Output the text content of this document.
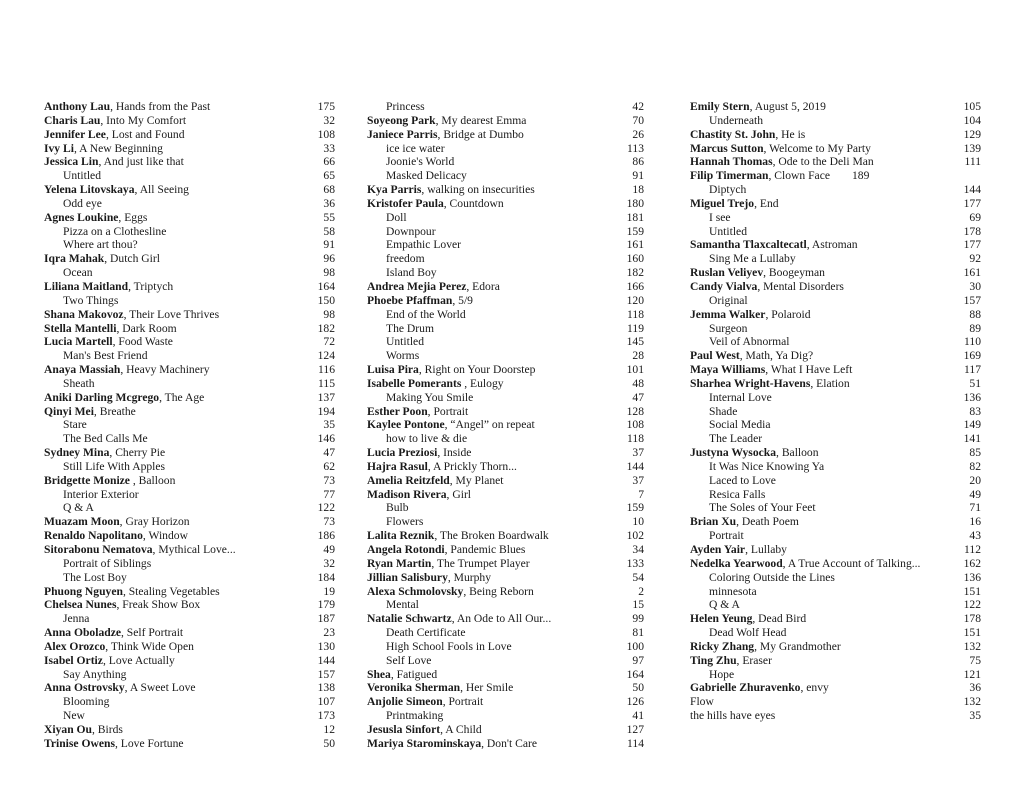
Anthony Lau, Hands from the Past	175
Charis Lau, Into My Comfort	32
Jennifer Lee, Lost and Found	108
Ivy Li, A New Beginning	33
Jessica Lin, And just like that	66
Untitled	65
Yelena Litovskaya, All Seeing	68
Odd eye	36
Agnes Loukine, Eggs	55
Pizza on a Clothesline	58
Where art thou?	91
Iqra Mahak, Dutch Girl	96
Ocean	98
Liliana Maitland, Triptych	164
Two Things	150
Shana Makovoz, Their Love Thrives	98
Stella Mantelli, Dark Room	182
Lucia Martell, Food Waste	72
Man's Best Friend	124
Anaya Massiah, Heavy Machinery	116
Sheath	115
Aniki Darling Mcgrego, The Age	137
Qinyi Mei, Breathe	194
Stare	35
The Bed Calls Me	146
Sydney Mina, Cherry Pie	47
Still Life With Apples	62
Bridgette Monize , Balloon	73
Interior Exterior	77
Q & A	122
Muazam Moon, Gray Horizon	73
Renaldo Napolitano, Window	186
Sitorabonu Nematova, Mythical Love...	49
Portrait of Siblings	32
The Lost Boy	184
Phuong Nguyen, Stealing Vegetables	19
Chelsea Nunes, Freak Show Box	179
Jenna	187
Anna Oboladze, Self Portrait	23
Alex Orozco, Think Wide Open	130
Isabel Ortiz, Love Actually	144
Say Anything	157
Anna Ostrovsky, A Sweet Love	138
Blooming	107
New	173
Xiyan Ou, Birds	12
Trinise Owens, Love Fortune	50
Princess	42
Soyeong Park, My dearest Emma	70
Janiece Parris, Bridge at Dumbo	26
ice ice water	113
Joonie's World	86
Masked Delicacy	91
Kya Parris, walking on insecurities	18
Kristofer Paula, Countdown	180
Doll	181
Downpour	159
Empathic Lover	161
freedom	160
Island Boy	182
Andrea Mejia Perez, Edora	166
Phoebe Pfaffman, 5/9	120
End of the World	118
The Drum	119
Untitled	145
Worms	28
Luisa Pira, Right on Your Doorstep	101
Isabelle Pomerants , Eulogy	48
Making You Smile	47
Esther Poon, Portrait	128
Kaylee Pontone, “Angel” on repeat	108
how to live & die	118
Lucia Preziosi, Inside	37
Hajra Rasul, A Prickly Thorn...	144
Amelia Reitzfeld, My Planet	37
Madison Rivera, Girl	7
Bulb	159
Flowers	10
Lalita Reznik, The Broken Boardwalk	102
Angela Rotondi, Pandemic Blues	34
Ryan Martin, The Trumpet Player	133
Jillian Salisbury, Murphy	54
Alexa Schmolovsky, Being Reborn	2
Mental	15
Natalie Schwartz, An Ode to All Our...	99
Death Certificate	81
High School Fools in Love	100
Self Love	97
Shea, Fatigued	164
Veronika Sherman, Her Smile	50
Anjolie Simeon, Portrait	126
Printmaking	41
Jesusla Sinfort, A Child	127
Mariya Starominskaya, Don't Care	114
Emily Stern, August 5, 2019	105
Underneath	104
Chastity St. John, He is	129
Marcus Sutton, Welcome to My Party	139
Hannah Thomas, Ode to the Deli Man	111
Filip Timerman, Clown Face 189
Diptych	144
Miguel Trejo, End	177
I see	69
Untitled	178
Samantha Tlaxcaltecatl, Astroman	177
Sing Me a Lullaby	92
Ruslan Veliyev, Boogeyman	161
Candy Vialva, Mental Disorders	30
Original	157
Jemma Walker, Polaroid	88
Surgeon	89
Veil of Abnormal	110
Paul West, Math, Ya Dig?	169
Maya Williams, What I Have Left	117
Sharhea Wright-Havens, Elation	51
Internal Love	136
Shade	83
Social Media	149
The Leader	141
Justyna Wysocka, Balloon	85
It Was Nice Knowing Ya	82
Laced to Love	20
Resica Falls	49
The Soles of Your Feet	71
Brian Xu, Death Poem	16
Portrait	43
Ayden Yair, Lullaby	112
Nedelka Yearwood, A True Account of Talking...	162
Coloring Outside the Lines	136
minnesota	151
Q & A	122
Helen Yeung, Dead Bird	178
Dead Wolf Head	151
Ricky Zhang, My Grandmother	132
Ting Zhu, Eraser	75
Hope	121
Gabrielle Zhuravenko, envy	36
Flow	132
the hills have eyes	35
